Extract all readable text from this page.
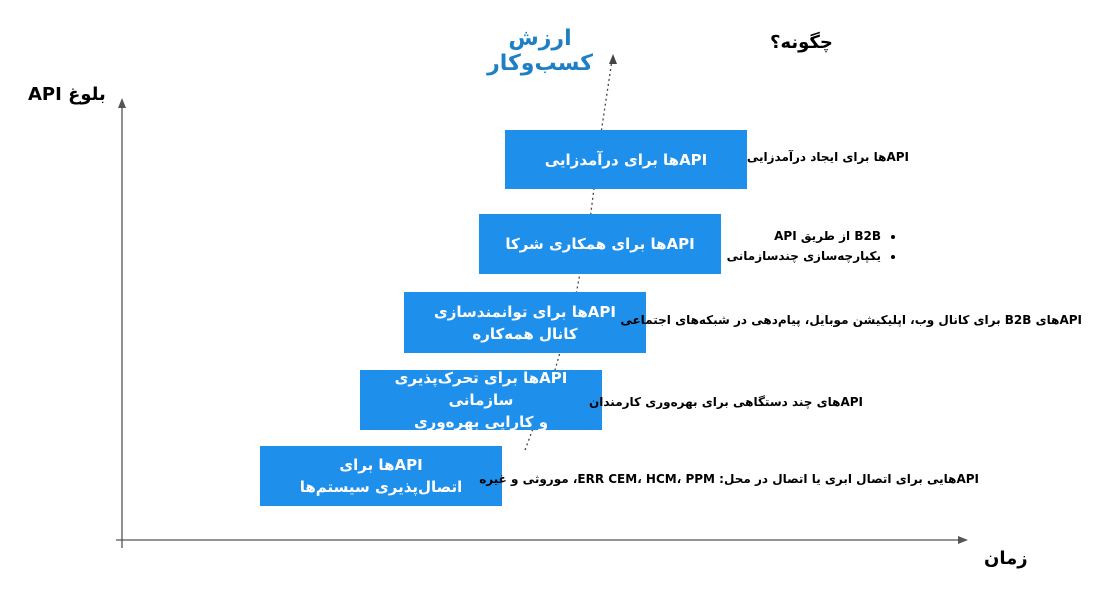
ارزش کسب‌وکار
چگونه؟
بلوغ API
زمان
APIها برای
اتصال‌پذیری سیستم‌ها
APIها برای تحرک‌پذیری سازمانی
و کارایی بهره‌وری
APIها برای توانمندسازی
کانال همه‌کاره
APIها برای همکاری شرکا
APIها برای درآمدزایی
APIهایی برای اتصال ابری یا اتصال در محل: ERR CEM، HCM، PPM، موروثی و غیره
APIهای چند دستگاهی برای بهره‌وری کارمندان
APIهای B2B برای کانال وب، اپلیکیشن موبایل، پیام‌دهی در شبکه‌های اجتماعی
• B2B از طریق API
• یکپارچه‌سازی چندسازمانی
APIها برای ایجاد درآمدزایی
